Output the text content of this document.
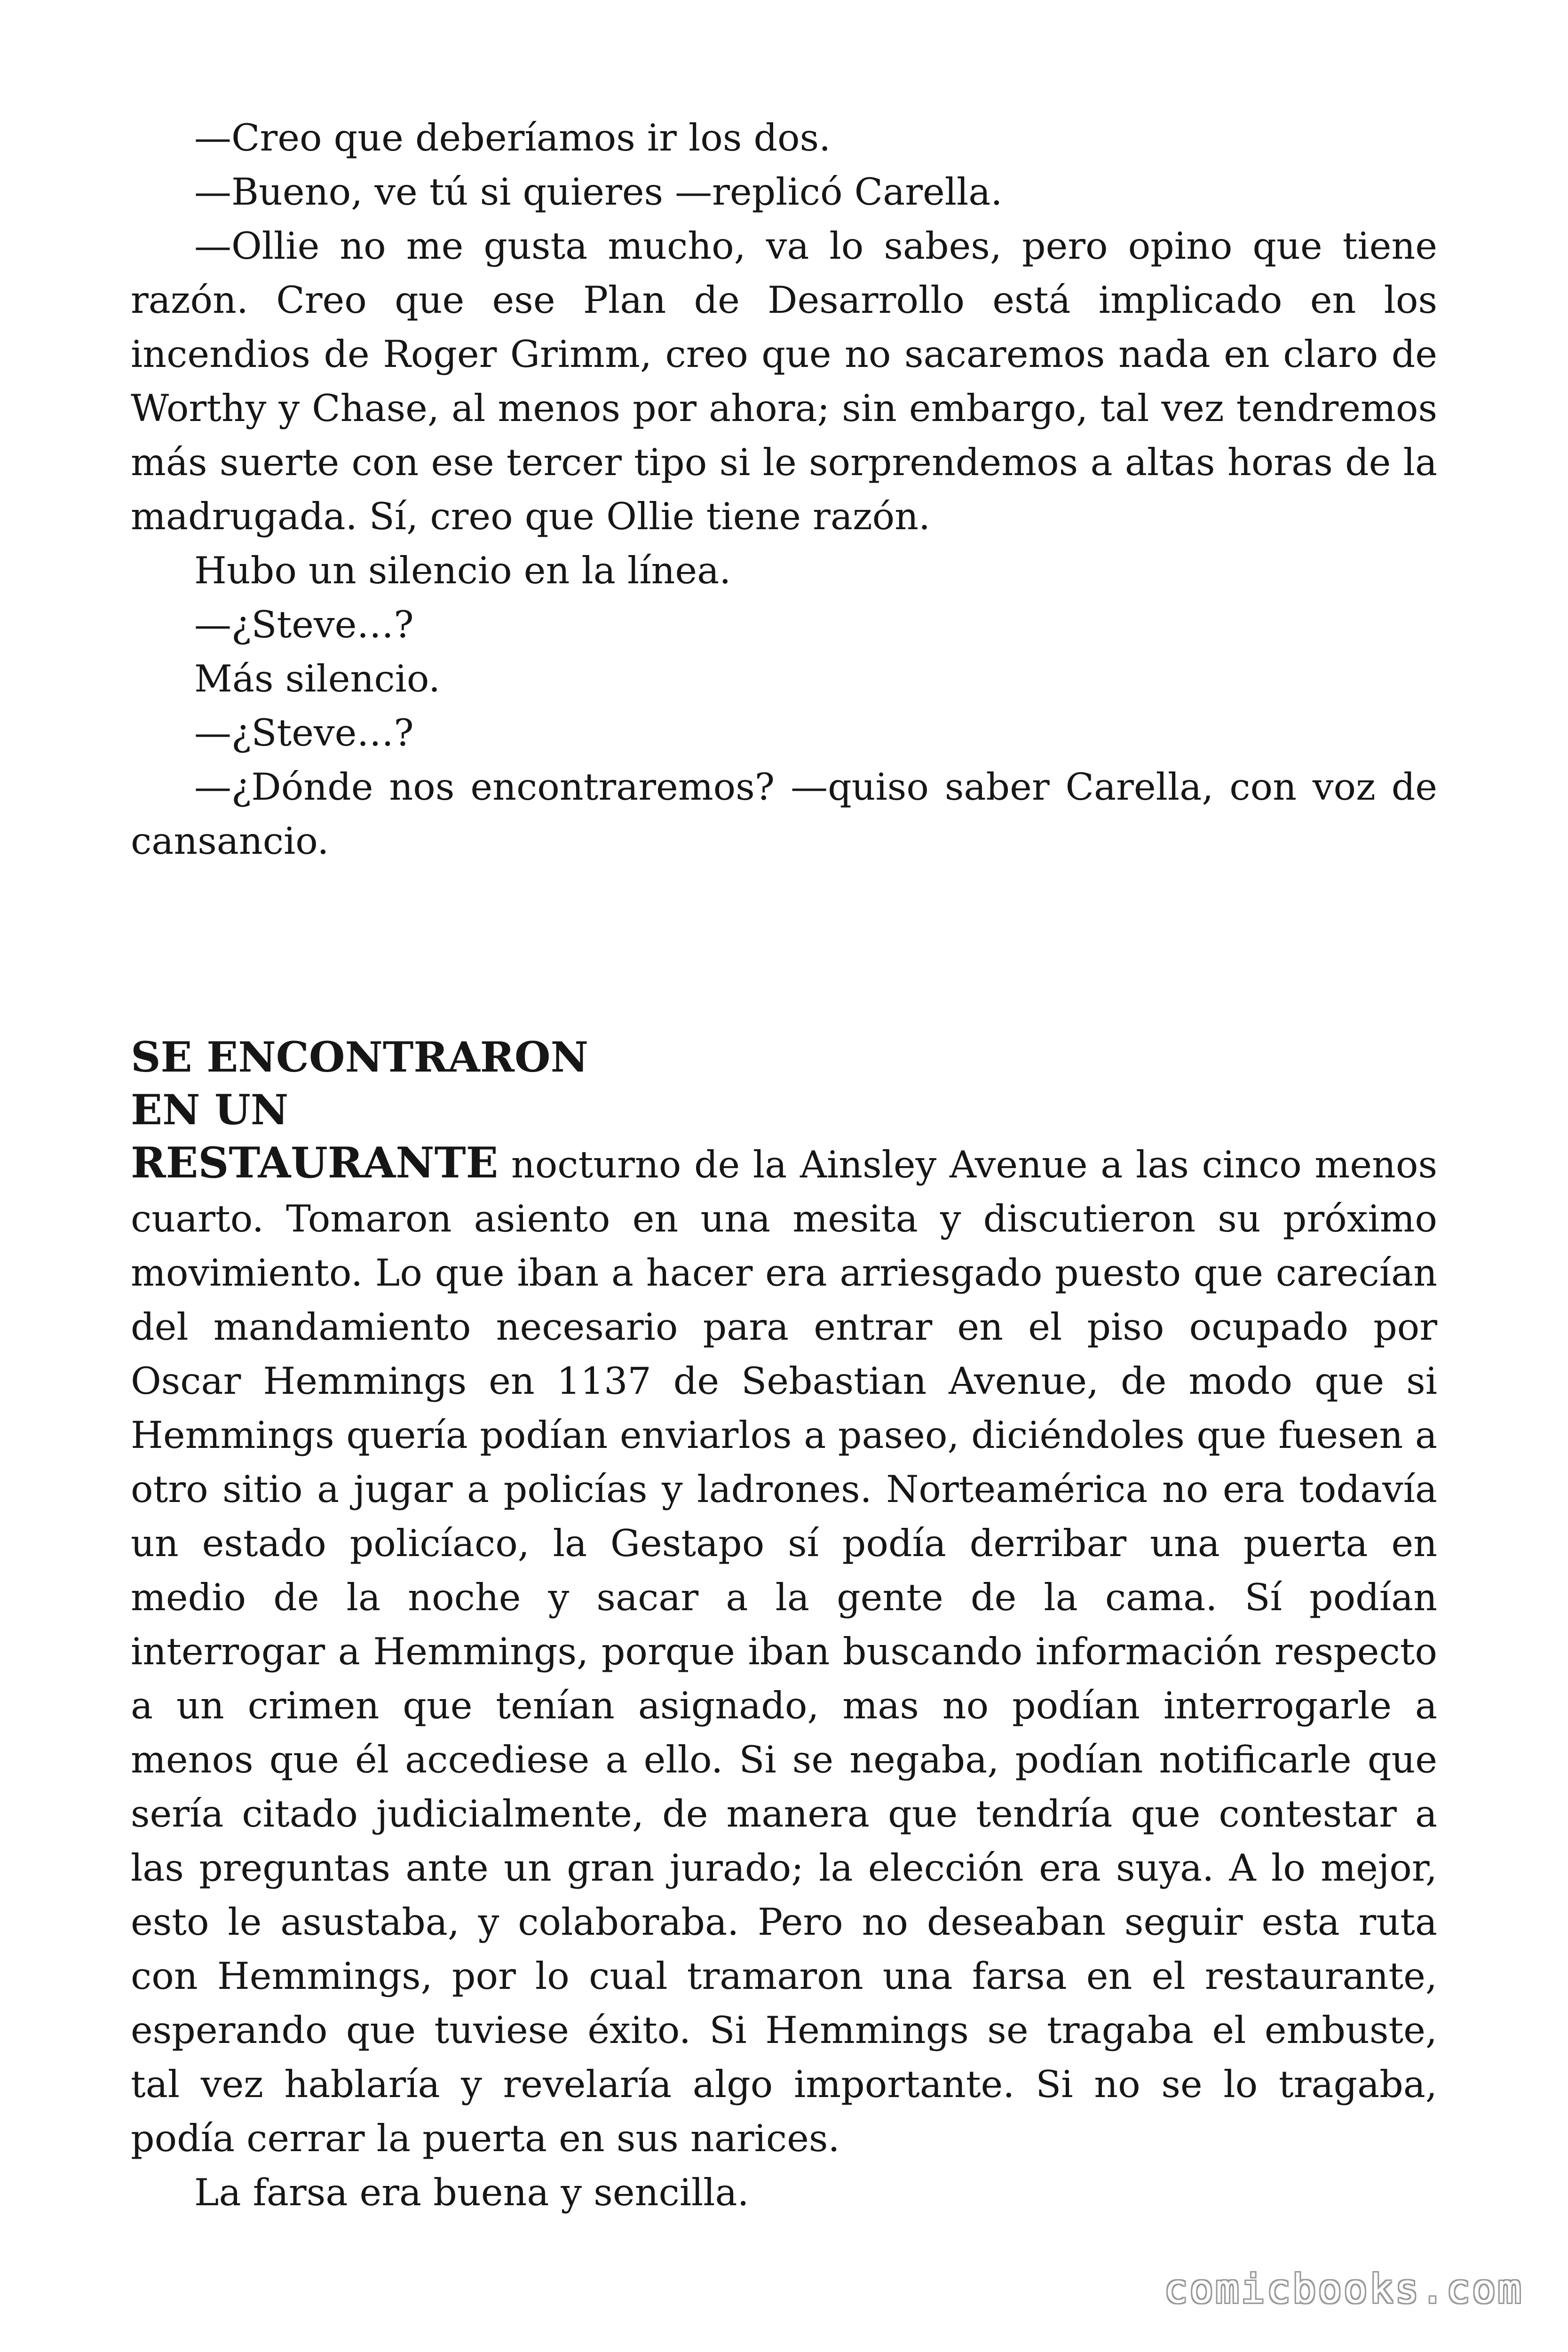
—Creo que deberíamos ir los dos.

—Bueno, ve tú si quieres —replicó Carella.

—Ollie no me gusta mucho, va lo sabes, pero opino que tiene razón. Creo que ese Plan de Desarrollo está implicado en los incendios de Roger Grimm, creo que no sacaremos nada en claro de Worthy y Chase, al menos por ahora; sin embargo, tal vez tendremos más suerte con ese tercer tipo si le sorprendemos a altas horas de la madrugada. Sí, creo que Ollie tiene razón.

Hubo un silencio en la línea.

—¿Steve…?

Más silencio.

—¿Steve…?

—¿Dónde nos encontraremos? —quiso saber Carella, con voz de cansancio.

SE ENCONTRARON
EN UN

RESTAURANTE nocturno de la Ainsley Avenue a las cinco menos cuarto. Tomaron asiento en una mesita y discutieron su próximo movimiento. Lo que iban a hacer era arriesgado puesto que carecían del mandamiento necesario para entrar en el piso ocupado por Oscar Hemmings en 1137 de Sebastian Avenue, de modo que si Hemmings quería podían enviarlos a paseo, diciéndoles que fuesen a otro sitio a jugar a policías y ladrones. Norteamérica no era todavía un estado policíaco, la Gestapo sí podía derribar una puerta en medio de la noche y sacar a la gente de la cama. Sí podían interrogar a Hemmings, porque iban buscando información respecto a un crimen que tenían asignado, mas no podían interrogarle a menos que él accediese a ello. Si se negaba, podían notificarle que sería citado judicialmente, de manera que tendría que contestar a las preguntas ante un gran jurado; la elección era suya. A lo mejor, esto le asustaba, y colaboraba. Pero no deseaban seguir esta ruta con Hemmings, por lo cual tramaron una farsa en el restaurante, esperando que tuviese éxito. Si Hemmings se tragaba el embuste, tal vez hablaría y revelaría algo importante. Si no se lo tragaba, podía cerrar la puerta en sus narices.

La farsa era buena y sencilla.

comicbooks.com
